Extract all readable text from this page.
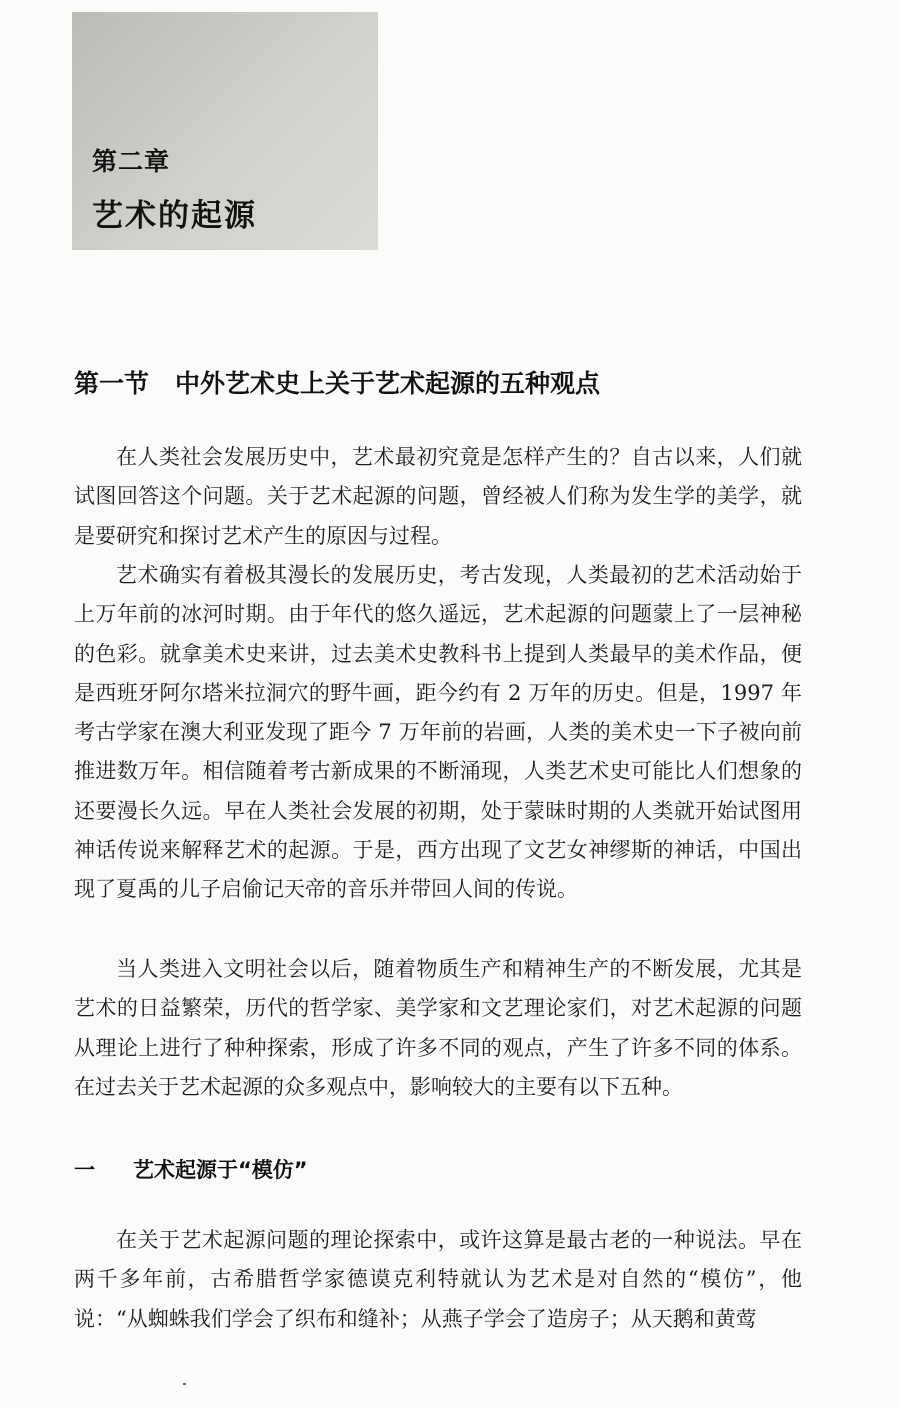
第二章
艺术的起源
第一节 中外艺术史上关于艺术起源的五种观点

在人类社会发展历史中，艺术最初究竟是怎样产生的？自古以来，人们就试图回答这个问题。关于艺术起源的问题，曾经被人们称为发生学的美学，就是要研究和探讨艺术产生的原因与过程。

艺术确实有着极其漫长的发展历史，考古发现，人类最初的艺术活动始于上万年前的冰河时期。由于年代的悠久遥远，艺术起源的问题蒙上了一层神秘的色彩。就拿美术史来讲，过去美术史教科书上提到人类最早的美术作品，便是西班牙阿尔塔米拉洞穴的野牛画，距今约有 2 万年的历史。但是，1997 年考古学家在澳大利亚发现了距今 7 万年前的岩画，人类的美术史一下子被向前推进数万年。相信随着考古新成果的不断涌现，人类艺术史可能比人们想象的还要漫长久远。早在人类社会发展的初期，处于蒙昧时期的人类就开始试图用神话传说来解释艺术的起源。于是，西方出现了文艺女神缪斯的神话，中国出现了夏禹的儿子启偷记天帝的音乐并带回人间的传说。

当人类进入文明社会以后，随着物质生产和精神生产的不断发展，尤其是艺术的日益繁荣，历代的哲学家、美学家和文艺理论家们，对艺术起源的问题从理论上进行了种种探索，形成了许多不同的观点，产生了许多不同的体系。在过去关于艺术起源的众多观点中，影响较大的主要有以下五种。

一 艺术起源于“模仿”

在关于艺术起源问题的理论探索中，或许这算是最古老的一种说法。早在两千多年前，古希腊哲学家德谟克利特就认为艺术是对自然的“模仿”，他说：“从蜘蛛我们学会了织布和缝补；从燕子学会了造房子；从天鹅和黄莺
